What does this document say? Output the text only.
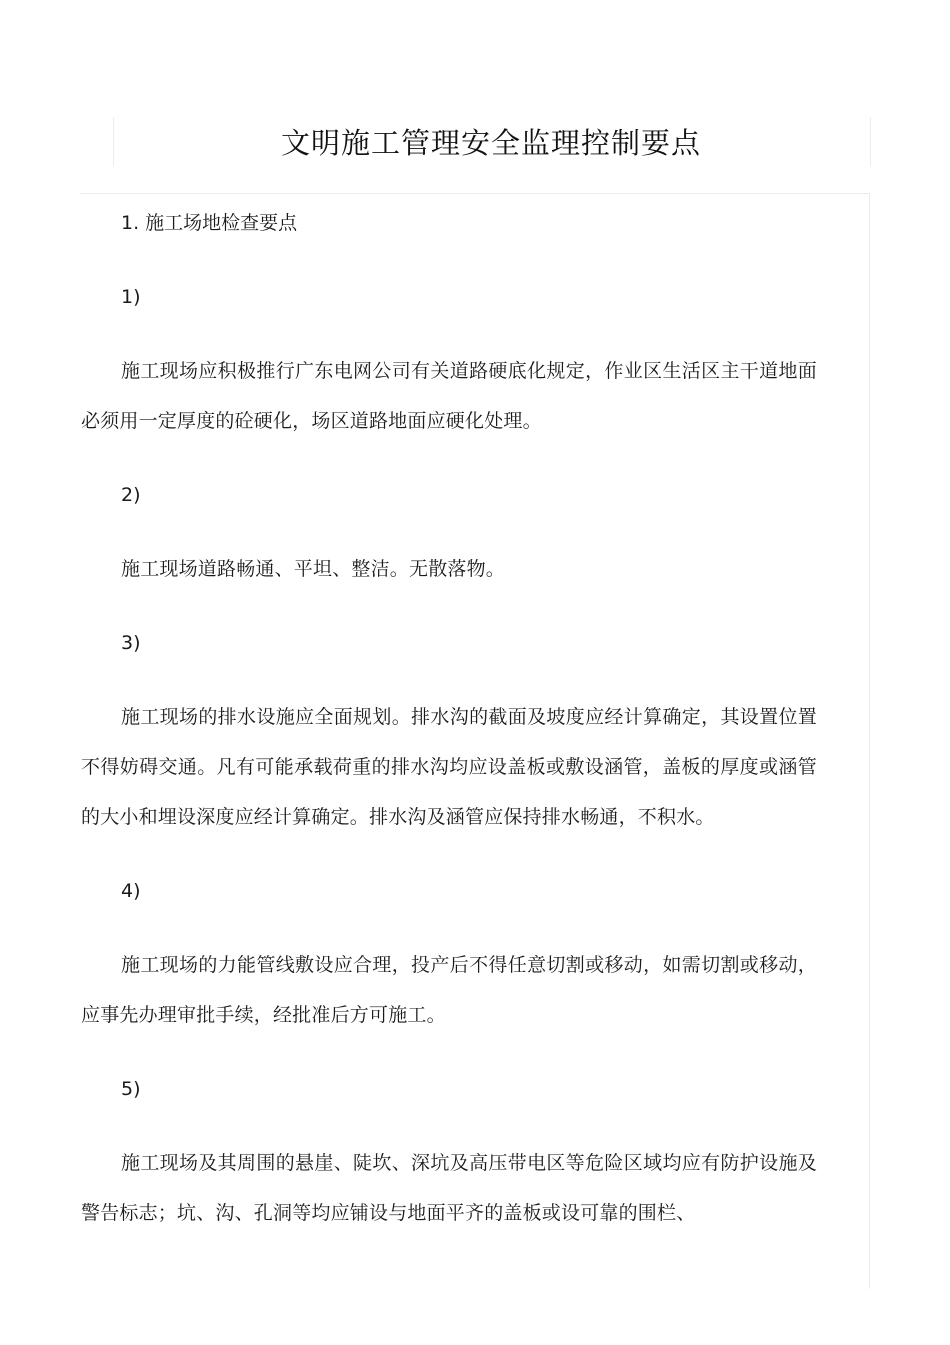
文明施工管理安全监理控制要点

1. 施工场地检查要点

1)

施工现场应积极推行广东电网公司有关道路硬底化规定，作业区生活区主干道地面必须用一定厚度的砼硬化，场区道路地面应硬化处理。

2)

施工现场道路畅通、平坦、整洁。无散落物。

3)

施工现场的排水设施应全面规划。排水沟的截面及坡度应经计算确定，其设置位置不得妨碍交通。凡有可能承载荷重的排水沟均应设盖板或敷设涵管，盖板的厚度或涵管的大小和埋设深度应经计算确定。排水沟及涵管应保持排水畅通，不积水。

4)

施工现场的力能管线敷设应合理，投产后不得任意切割或移动，如需切割或移动，应事先办理审批手续，经批准后方可施工。

5)

施工现场及其周围的悬崖、陡坎、深坑及高压带电区等危险区域均应有防护设施及警告标志；坑、沟、孔洞等均应铺设与地面平齐的盖板或设可靠的围栏、
